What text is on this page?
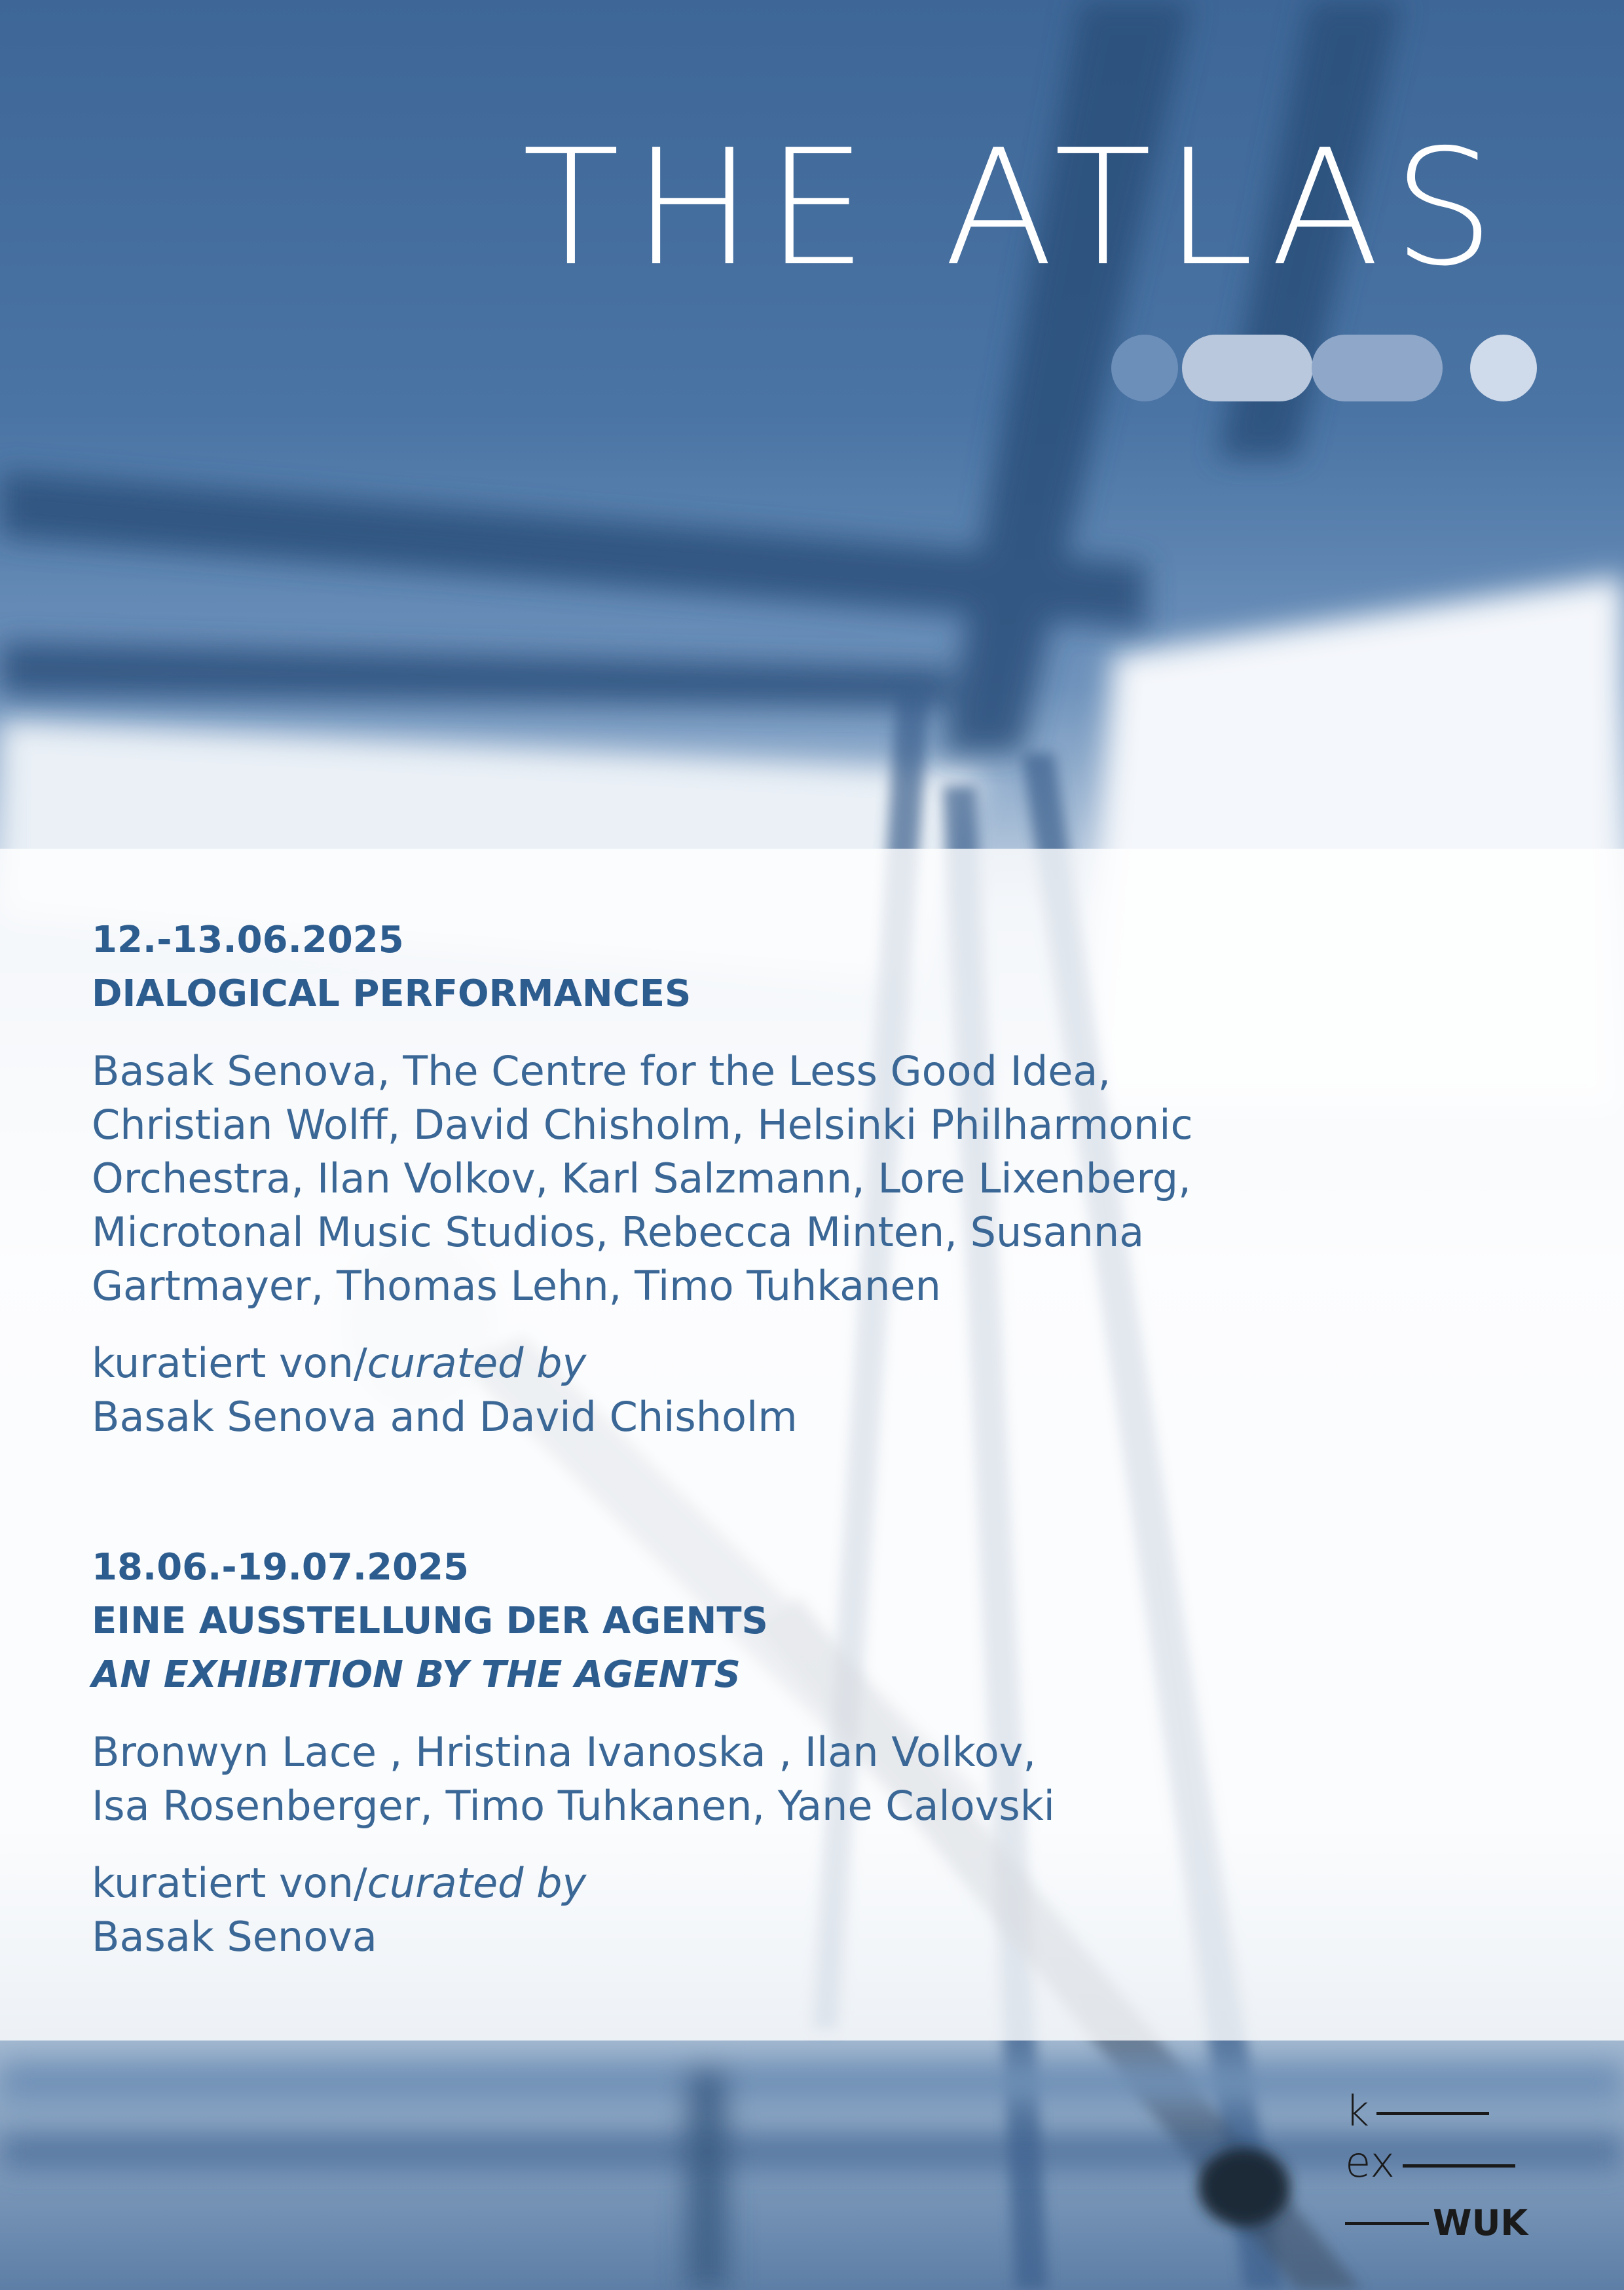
THE ATLAS

12.-13.06.2025

DIALOGICAL PERFORMANCES

Basak Senova, The Centre for the Less Good Idea,
Christian Wolff, David Chisholm, Helsinki Philharmonic
Orchestra, Ilan Volkov, Karl Salzmann, Lore Lixenberg,
Microtonal Music Studios, Rebecca Minten, Susanna
Gartmayer, Thomas Lehn, Timo Tuhkanen

kuratiert von/curated by

Basak Senova and David Chisholm

18.06.-19.07.2025

EINE AUSSTELLUNG DER AGENTS

AN EXHIBITION BY THE AGENTS

Bronwyn Lace , Hristina Ivanoska , Ilan Volkov,
Isa Rosenberger, Timo Tuhkanen, Yane Calovski

kuratiert von/curated by

Basak Senova

k
ex
WUK
